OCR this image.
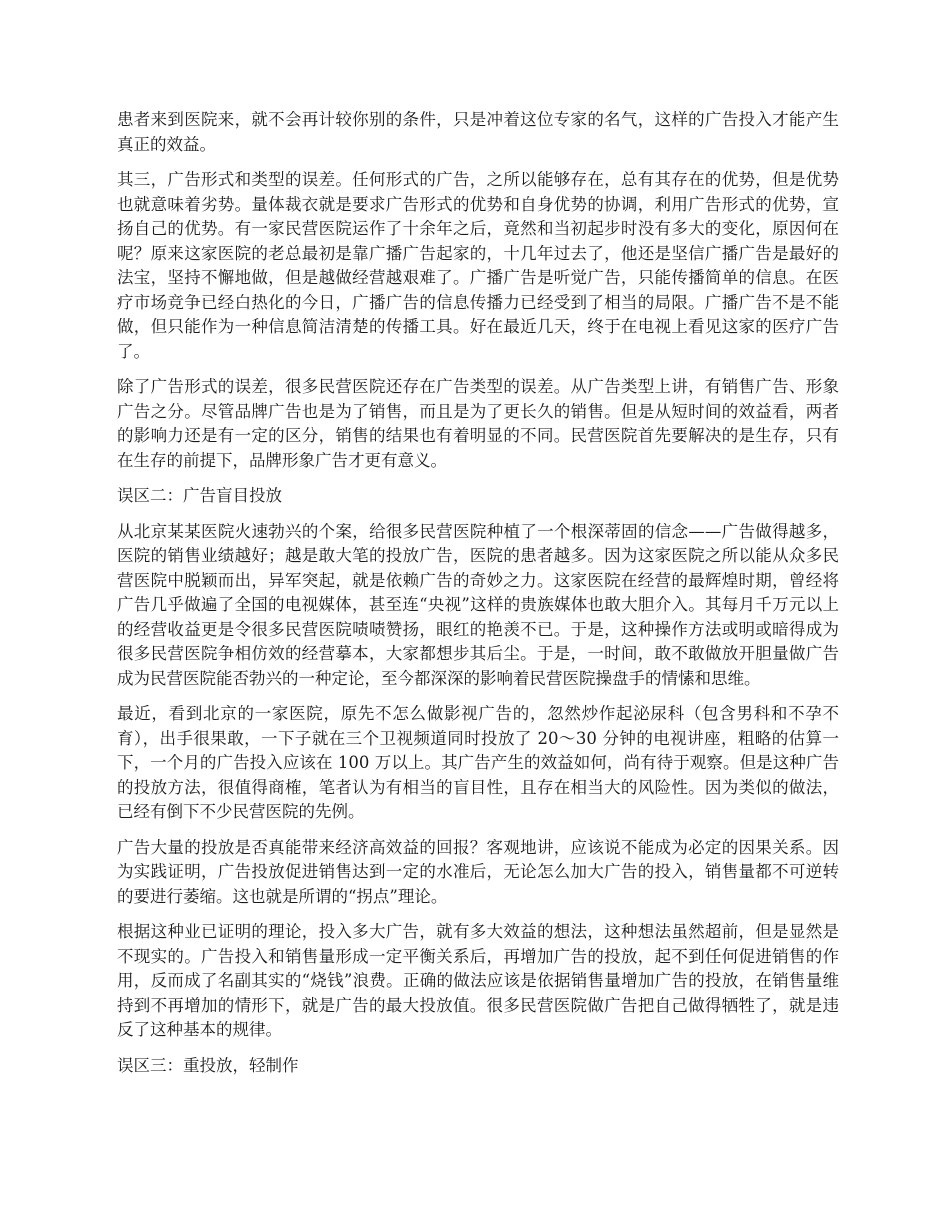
患者来到医院来，就不会再计较你别的条件，只是冲着这位专家的名气，这样的广告投入才能产生真正的效益。

其三，广告形式和类型的误差。任何形式的广告，之所以能够存在，总有其存在的优势，但是优势也就意味着劣势。量体裁衣就是要求广告形式的优势和自身优势的协调，利用广告形式的优势，宣扬自己的优势。有一家民营医院运作了十余年之后，竟然和当初起步时没有多大的变化，原因何在呢？原来这家医院的老总最初是靠广播广告起家的，十几年过去了，他还是坚信广播广告是最好的法宝，坚持不懈地做，但是越做经营越艰难了。广播广告是听觉广告，只能传播简单的信息。在医疗市场竞争已经白热化的今日，广播广告的信息传播力已经受到了相当的局限。广播广告不是不能做，但只能作为一种信息简洁清楚的传播工具。好在最近几天，终于在电视上看见这家的医疗广告了。

除了广告形式的误差，很多民营医院还存在广告类型的误差。从广告类型上讲，有销售广告、形象广告之分。尽管品牌广告也是为了销售，而且是为了更长久的销售。但是从短时间的效益看，两者的影响力还是有一定的区分，销售的结果也有着明显的不同。民营医院首先要解决的是生存，只有在生存的前提下，品牌形象广告才更有意义。

误区二：广告盲目投放

从北京某某医院火速勃兴的个案，给很多民营医院种植了一个根深蒂固的信念——广告做得越多，医院的销售业绩越好；越是敢大笔的投放广告，医院的患者越多。因为这家医院之所以能从众多民营医院中脱颖而出，异军突起，就是依赖广告的奇妙之力。这家医院在经营的最辉煌时期，曾经将广告几乎做遍了全国的电视媒体，甚至连“央视”这样的贵族媒体也敢大胆介入。其每月千万元以上的经营收益更是令很多民营医院啧啧赞扬，眼红的艳羡不已。于是，这种操作方法或明或暗得成为很多民营医院争相仿效的经营摹本，大家都想步其后尘。于是，一时间，敢不敢做放开胆量做广告成为民营医院能否勃兴的一种定论，至今都深深的影响着民营医院操盘手的情愫和思维。

最近，看到北京的一家医院，原先不怎么做影视广告的，忽然炒作起泌尿科（包含男科和不孕不育），出手很果敢，一下子就在三个卫视频道同时投放了 20～30 分钟的电视讲座，粗略的估算一下，一个月的广告投入应该在 100 万以上。其广告产生的效益如何，尚有待于观察。但是这种广告的投放方法，很值得商榷，笔者认为有相当的盲目性，且存在相当大的风险性。因为类似的做法，已经有倒下不少民营医院的先例。

广告大量的投放是否真能带来经济高效益的回报？客观地讲，应该说不能成为必定的因果关系。因为实践证明，广告投放促进销售达到一定的水准后，无论怎么加大广告的投入，销售量都不可逆转的要进行萎缩。这也就是所谓的“拐点”理论。

根据这种业已证明的理论，投入多大广告，就有多大效益的想法，这种想法虽然超前，但是显然是不现实的。广告投入和销售量形成一定平衡关系后，再增加广告的投放，起不到任何促进销售的作用，反而成了名副其实的“烧钱”浪费。正确的做法应该是依据销售量增加广告的投放，在销售量维持到不再增加的情形下，就是广告的最大投放值。很多民营医院做广告把自己做得牺牲了，就是违反了这种基本的规律。

误区三：重投放，轻制作
